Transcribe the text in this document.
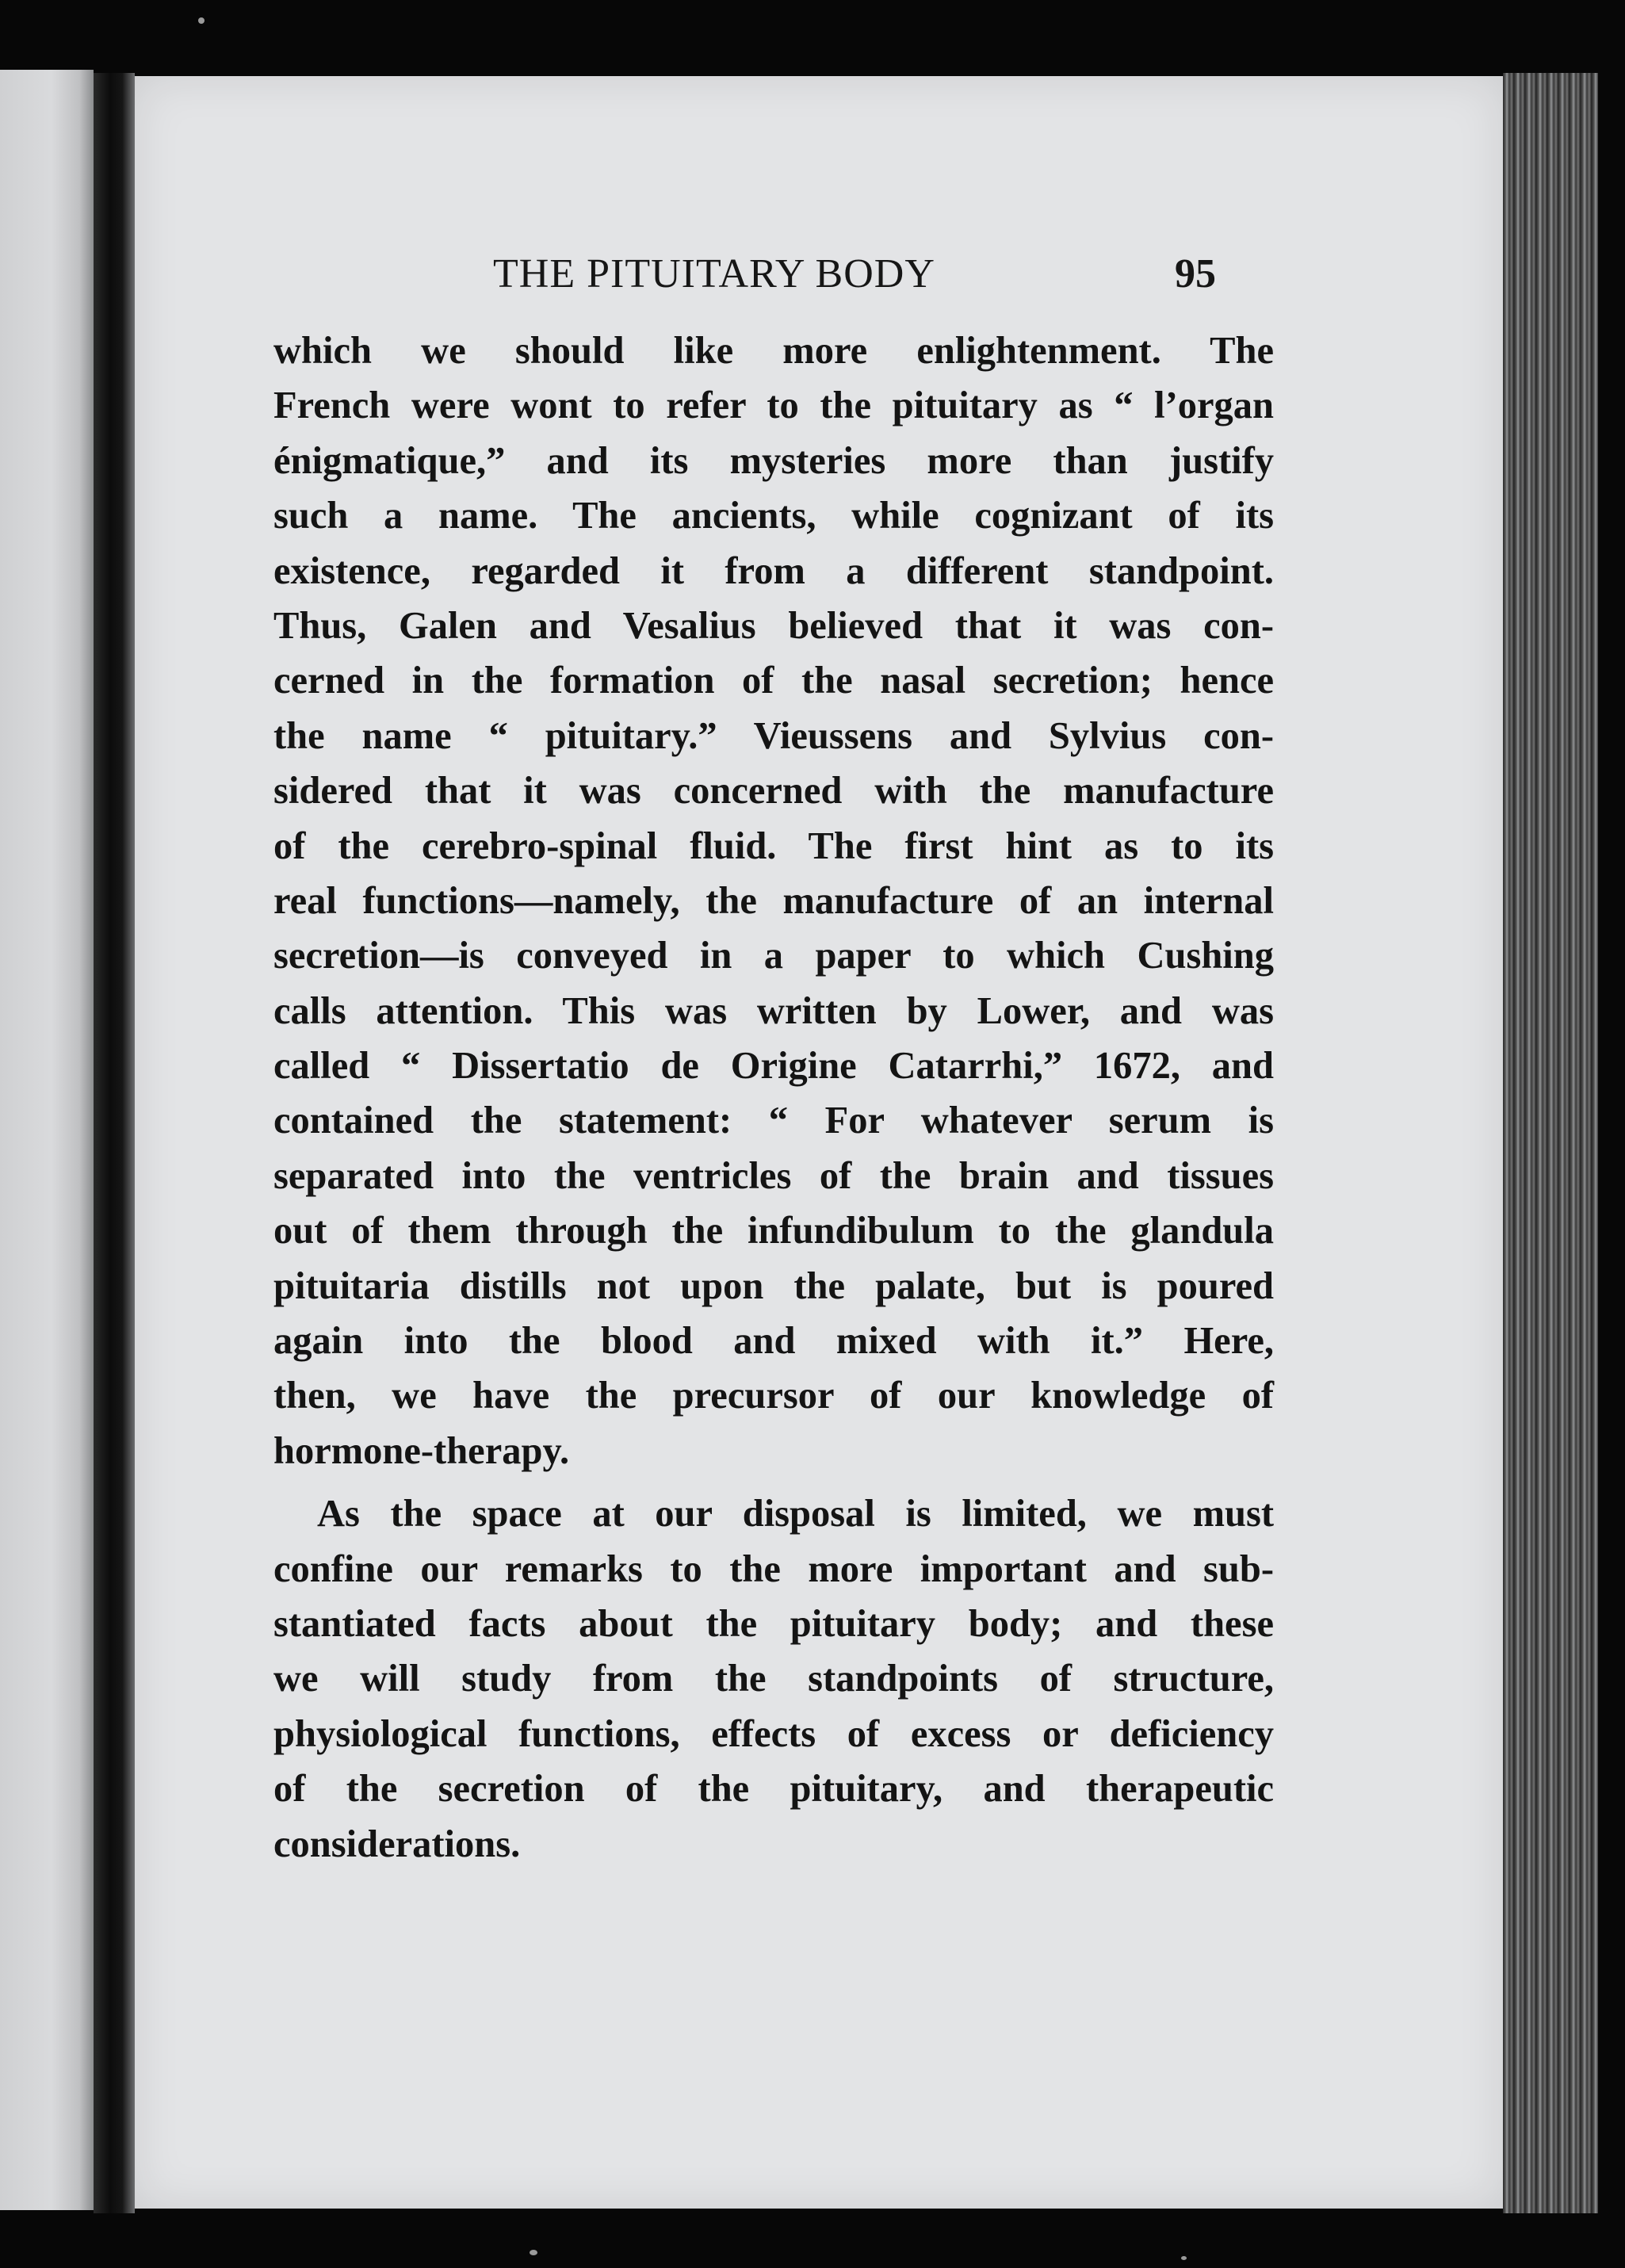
THE PITUITARY BODY	95
which we should like more enlightenment. The
French were wont to refer to the pituitary as “ l’organ
énigmatique,” and its mysteries more than justify
such a name. The ancients, while cognizant of its
existence, regarded it from a different standpoint.
Thus, Galen and Vesalius believed that it was con-
cerned in the formation of the nasal secretion; hence
the name “ pituitary.” Vieussens and Sylvius con-
sidered that it was concerned with the manufacture
of the cerebro-spinal fluid. The first hint as to its
real functions—namely, the manufacture of an internal
secretion—is conveyed in a paper to which Cushing
calls attention. This was written by Lower, and was
called “ Dissertatio de Origine Catarrhi,” 1672, and
contained the statement: “ For whatever serum is
separated into the ventricles of the brain and tissues
out of them through the infundibulum to the glandula
pituitaria distills not upon the palate, but is poured
again into the blood and mixed with it.” Here,
then, we have the precursor of our knowledge of
hormone-therapy.
As the space at our disposal is limited, we must
confine our remarks to the more important and sub-
stantiated facts about the pituitary body; and these
we will study from the standpoints of structure,
physiological functions, effects of excess or deficiency
of the secretion of the pituitary, and therapeutic
considerations.
